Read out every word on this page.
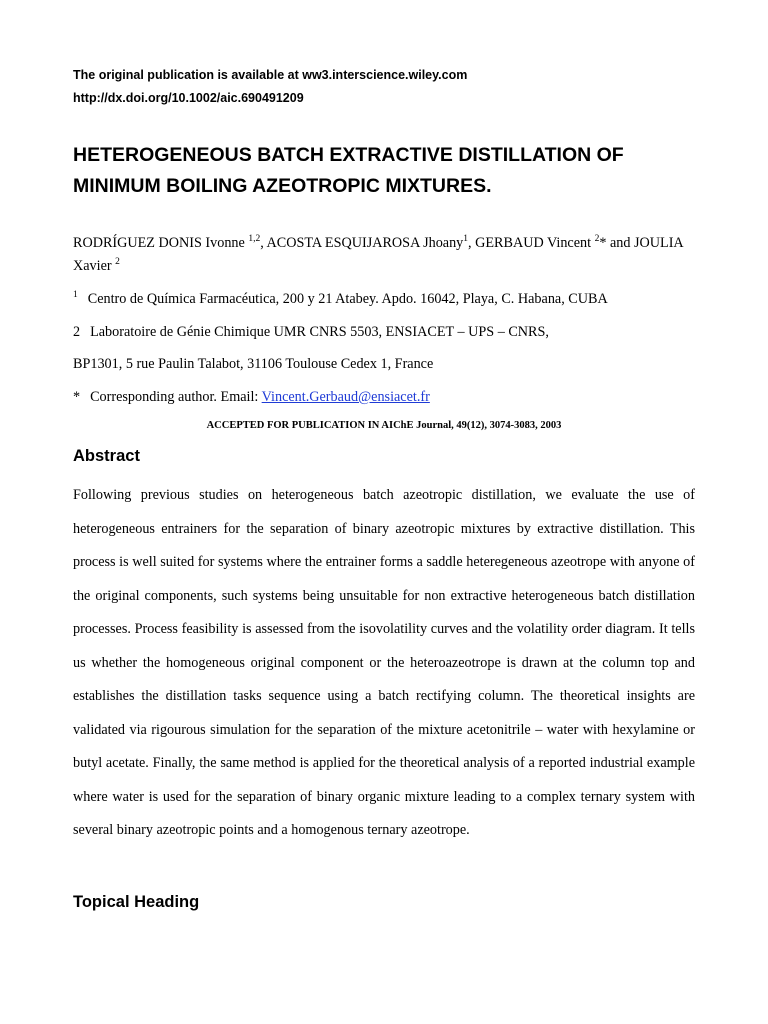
The original publication is available at ww3.interscience.wiley.com
http://dx.doi.org/10.1002/aic.690491209
HETEROGENEOUS BATCH EXTRACTIVE DISTILLATION OF MINIMUM BOILING AZEOTROPIC MIXTURES.
RODRÍGUEZ DONIS Ivonne $^{1,2}$, ACOSTA ESQUIJAROSA Jhoany$^1$, GERBAUD Vincent $^2$* and JOULIA Xavier $^2$
$^1$ Centro de Química Farmacéutica, 200 y 21 Atabey. Apdo. 16042, Playa, C. Habana, CUBA
2 Laboratoire de Génie Chimique UMR CNRS 5503, ENSIACET – UPS – CNRS,
BP1301, 5 rue Paulin Talabot, 31106 Toulouse Cedex 1, France
* Corresponding author. Email: Vincent.Gerbaud@ensiacet.fr
ACCEPTED FOR PUBLICATION IN AIChE Journal, 49(12), 3074-3083, 2003
Abstract

Following previous studies on heterogeneous batch azeotropic distillation, we evaluate the use of heterogeneous entrainers for the separation of binary azeotropic mixtures by extractive distillation. This process is well suited for systems where the entrainer forms a saddle heteregeneous azeotrope with anyone of the original components, such systems being unsuitable for non extractive heterogeneous batch distillation processes. Process feasibility is assessed from the isovolatility curves and the volatility order diagram. It tells us whether the homogeneous original component or the heteroazeotrope is drawn at the column top and establishes the distillation tasks sequence using a batch rectifying column. The theoretical insights are validated via rigourous simulation for the separation of the mixture acetonitrile – water with hexylamine or butyl acetate. Finally, the same method is applied for the theoretical analysis of a reported industrial example where water is used for the separation of binary organic mixture leading to a complex ternary system with several binary azeotropic points and a homogenous ternary azeotrope.

Topical Heading
